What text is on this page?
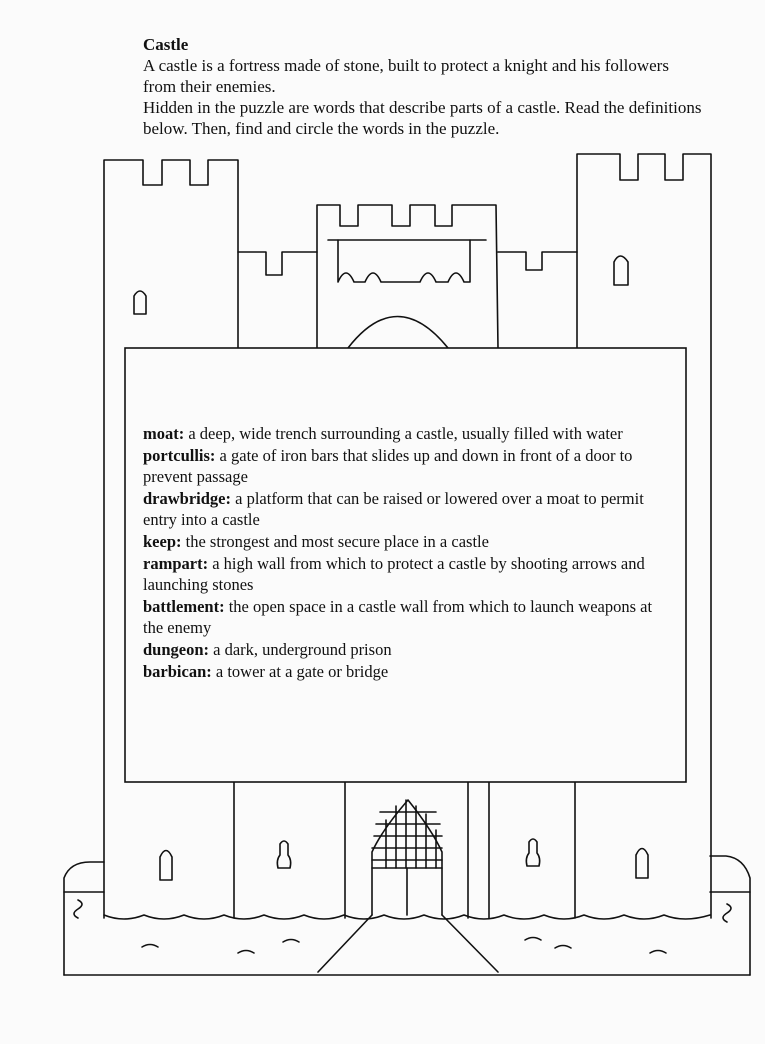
Castle
A castle is a fortress made of stone, built to protect a knight and his followers from their enemies.
Hidden in the puzzle are words that describe parts of a castle. Read the definitions below. Then, find and circle the words in the puzzle.
moat: a deep, wide trench surrounding a castle, usually filled with water
portcullis: a gate of iron bars that slides up and down in front of a door to prevent passage
drawbridge: a platform that can be raised or lowered over a moat to permit entry into a castle
keep: the strongest and most secure place in a castle
rampart: a high wall from which to protect a castle by shooting arrows and launching stones
battlement: the open space in a castle wall from which to launch weapons at the enemy
dungeon: a dark, underground prison
barbican: a tower at a gate or bridge
